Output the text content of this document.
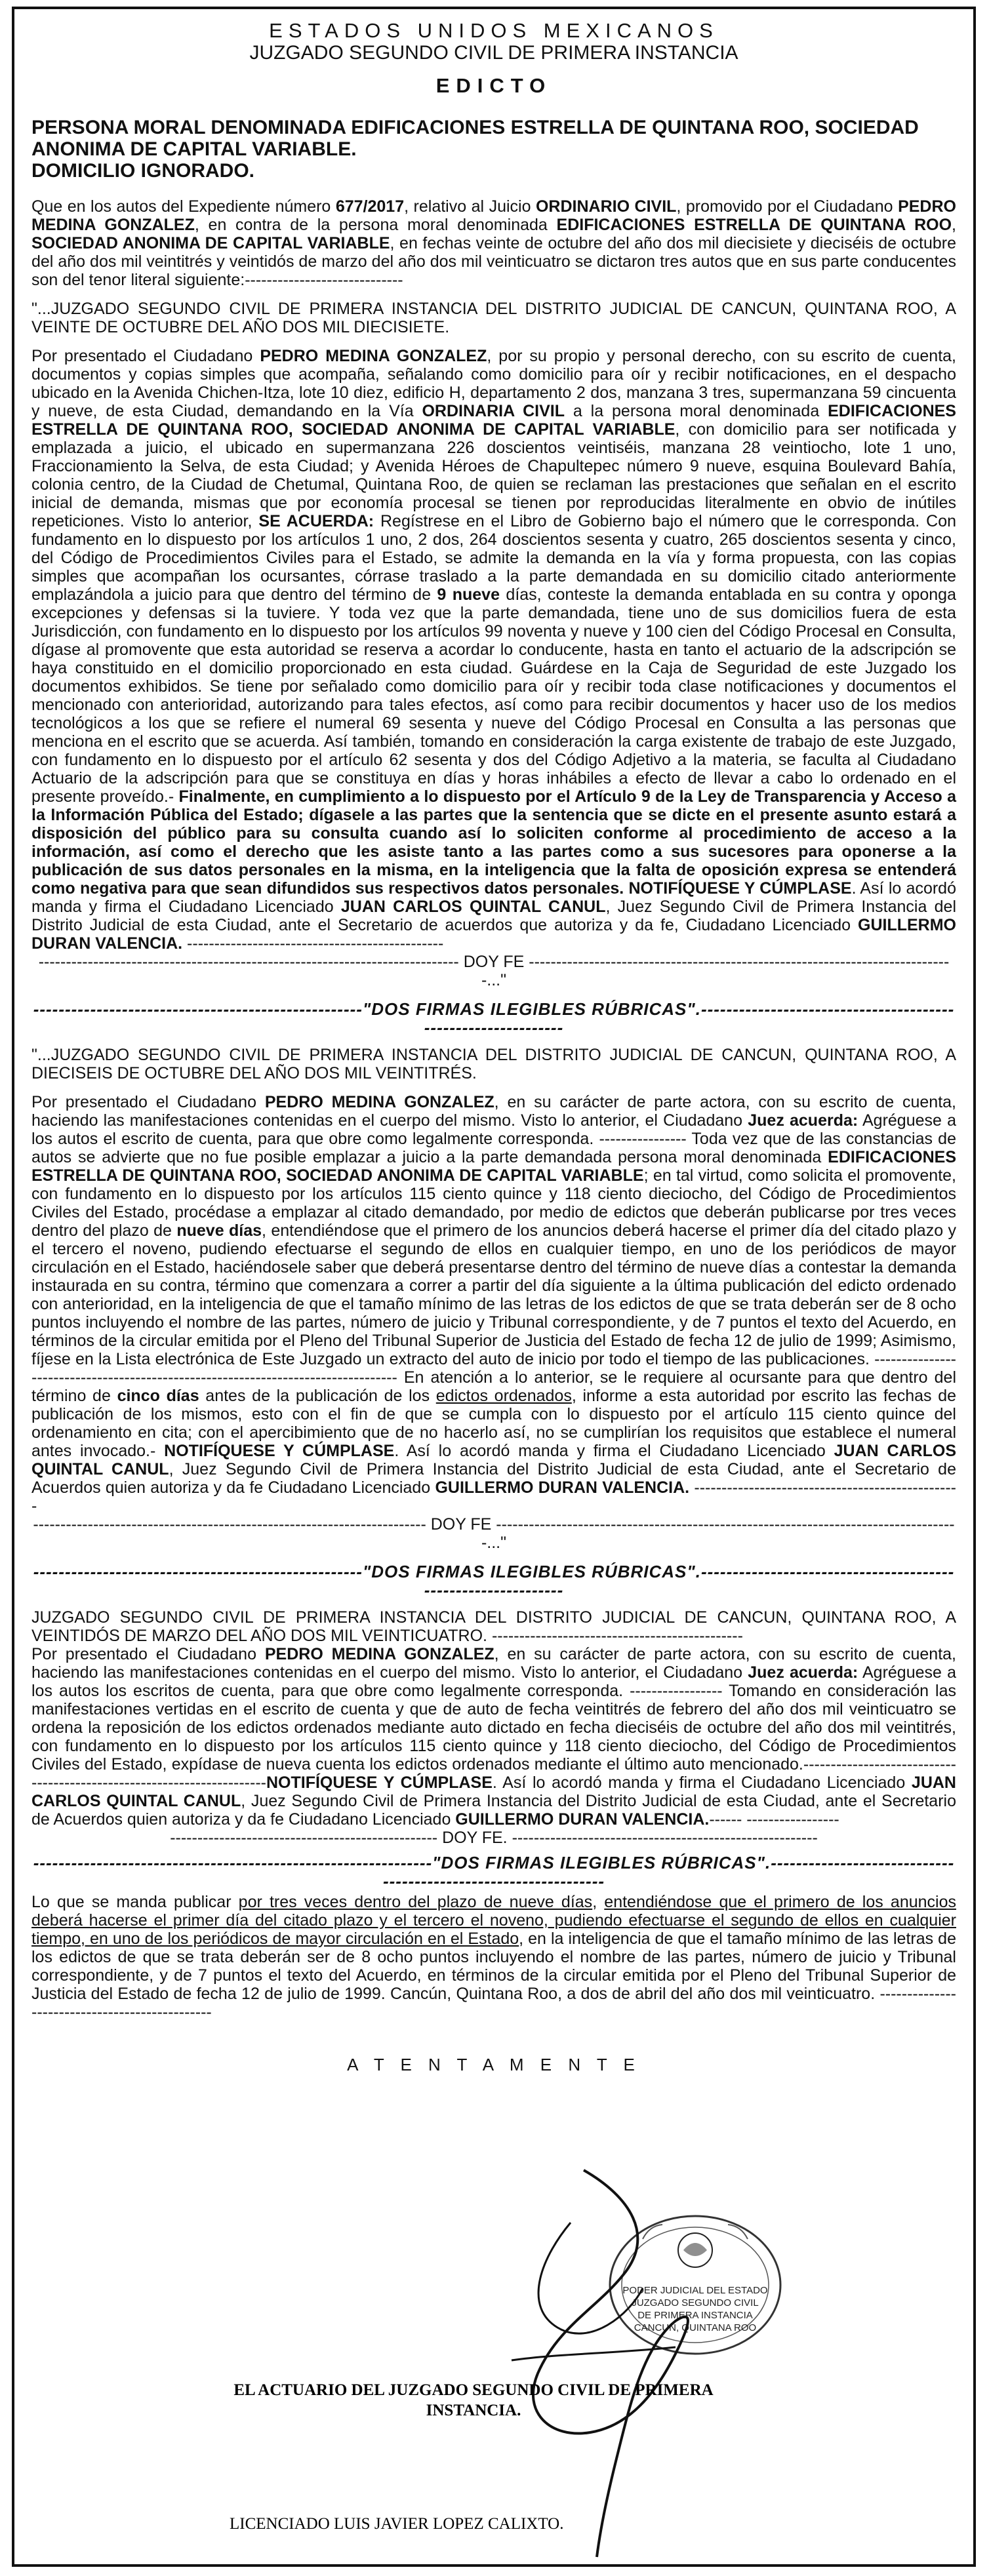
ESTADOS UNIDOS MEXICANOS
JUZGADO SEGUNDO CIVIL DE PRIMERA INSTANCIA
EDICTO
PERSONA MORAL DENOMINADA EDIFICACIONES ESTRELLA DE QUINTANA ROO, SOCIEDAD ANONIMA DE CAPITAL VARIABLE.
DOMICILIO IGNORADO.

Que en los autos del Expediente número 677/2017, relativo al Juicio ORDINARIO CIVIL, promovido por el Ciudadano PEDRO MEDINA GONZALEZ, en contra de la persona moral denominada EDIFICACIONES ESTRELLA DE QUINTANA ROO, SOCIEDAD ANONIMA DE CAPITAL VARIABLE, en fechas veinte de octubre del año dos mil diecisiete y dieciséis de octubre del año dos mil veintitrés y veintidós de marzo del año dos mil veinticuatro se dictaron tres autos que en sus parte conducentes son del tenor literal siguiente:-----------------------------

"...JUZGADO SEGUNDO CIVIL DE PRIMERA INSTANCIA DEL DISTRITO JUDICIAL DE CANCUN, QUINTANA ROO, A VEINTE DE OCTUBRE DEL AÑO DOS MIL DIECISIETE.

Por presentado el Ciudadano PEDRO MEDINA GONZALEZ, por su propio y personal derecho, con su escrito de cuenta, documentos y copias simples que acompaña, señalando como domicilio para oír y recibir notificaciones, en el despacho ubicado en la Avenida Chichen-Itza, lote 10 diez, edificio H, departamento 2 dos, manzana 3 tres, supermanzana 59 cincuenta y nueve, de esta Ciudad, demandando en la Vía ORDINARIA CIVIL a la persona moral denominada EDIFICACIONES ESTRELLA DE QUINTANA ROO, SOCIEDAD ANONIMA DE CAPITAL VARIABLE, con domicilio para ser notificada y emplazada a juicio, el ubicado en supermanzana 226 doscientos veintiséis, manzana 28 veintiocho, lote 1 uno, Fraccionamiento la Selva, de esta Ciudad; y Avenida Héroes de Chapultepec número 9 nueve, esquina Boulevard Bahía, colonia centro, de la Ciudad de Chetumal, Quintana Roo, de quien se reclaman las prestaciones que señalan en el escrito inicial de demanda, mismas que por economía procesal se tienen por reproducidas literalmente en obvio de inútiles repeticiones. Visto lo anterior, SE ACUERDA: Regístrese en el Libro de Gobierno bajo el número que le corresponda. Con fundamento en lo dispuesto por los artículos 1 uno, 2 dos, 264 doscientos sesenta y cuatro, 265 doscientos sesenta y cinco, del Código de Procedimientos Civiles para el Estado, se admite la demanda en la vía y forma propuesta, con las copias simples que acompañan los ocursantes, córrase traslado a la parte demandada en su domicilio citado anteriormente emplazándola a juicio para que dentro del término de 9 nueve días, conteste la demanda entablada en su contra y oponga excepciones y defensas si la tuviere. Y toda vez que la parte demandada, tiene uno de sus domicilios fuera de esta Jurisdicción, con fundamento en lo dispuesto por los artículos 99 noventa y nueve y 100 cien del Código Procesal en Consulta, dígase al promovente que esta autoridad se reserva a acordar lo conducente, hasta en tanto el actuario de la adscripción se haya constituido en el domicilio proporcionado en esta ciudad. Guárdese en la Caja de Seguridad de este Juzgado los documentos exhibidos. Se tiene por señalado como domicilio para oír y recibir toda clase notificaciones y documentos el mencionado con anterioridad, autorizando para tales efectos, así como para recibir documentos y hacer uso de los medios tecnológicos a los que se refiere el numeral 69 sesenta y nueve del Código Procesal en Consulta a las personas que menciona en el escrito que se acuerda. Así también, tomando en consideración la carga existente de trabajo de este Juzgado, con fundamento en lo dispuesto por el artículo 62 sesenta y dos del Código Adjetivo a la materia, se faculta al Ciudadano Actuario de la adscripción para que se constituya en días y horas inhábiles a efecto de llevar a cabo lo ordenado en el presente proveído.- Finalmente, en cumplimiento a lo dispuesto por el Artículo 9 de la Ley de Transparencia y Acceso a la Información Pública del Estado; dígasele a las partes que la sentencia que se dicte en el presente asunto estará a disposición del público para su consulta cuando así lo soliciten conforme al procedimiento de acceso a la información, así como el derecho que les asiste tanto a las partes como a sus sucesores para oponerse a la publicación de sus datos personales en la misma, en la inteligencia que la falta de oposición expresa se entenderá como negativa para que sean difundidos sus respectivos datos personales. NOTIFÍQUESE Y CÚMPLASE. Así lo acordó manda y firma el Ciudadano Licenciado JUAN CARLOS QUINTAL CANUL, Juez Segundo Civil de Primera Instancia del Distrito Judicial de esta Ciudad, ante el Secretario de acuerdos que autoriza y da fe, Ciudadano Licenciado GUILLERMO DURAN VALENCIA. -----------------------------------------------

----------------------------------------------------------------------------- DOY FE ------------------------------------------------------------------------------..."
----------------------------------------------------"DOS FIRMAS ILEGIBLES RÚBRICAS".--------------------------------------------------------------

"...JUZGADO SEGUNDO CIVIL DE PRIMERA INSTANCIA DEL DISTRITO JUDICIAL DE CANCUN, QUINTANA ROO, A DIECISEIS DE OCTUBRE DEL AÑO DOS MIL VEINTITRÉS.

Por presentado el Ciudadano PEDRO MEDINA GONZALEZ, en su carácter de parte actora, con su escrito de cuenta, haciendo las manifestaciones contenidas en el cuerpo del mismo. Visto lo anterior, el Ciudadano Juez acuerda: Agréguese a los autos el escrito de cuenta, para que obre como legalmente corresponda. ---------------- Toda vez que de las constancias de autos se advierte que no fue posible emplazar a juicio a la parte demandada persona moral denominada EDIFICACIONES ESTRELLA DE QUINTANA ROO, SOCIEDAD ANONIMA DE CAPITAL VARIABLE; en tal virtud, como solicita el promovente, con fundamento en lo dispuesto por los artículos 115 ciento quince y 118 ciento dieciocho, del Código de Procedimientos Civiles del Estado, procédase a emplazar al citado demandado, por medio de edictos que deberán publicarse por tres veces dentro del plazo de nueve días, entendiéndose que el primero de los anuncios deberá hacerse el primer día del citado plazo y el tercero el noveno, pudiendo efectuarse el segundo de ellos en cualquier tiempo, en uno de los periódicos de mayor circulación en el Estado, haciéndosele saber que deberá presentarse dentro del término de nueve días a contestar la demanda instaurada en su contra, término que comenzara a correr a partir del día siguiente a la última publicación del edicto ordenado con anterioridad, en la inteligencia de que el tamaño mínimo de las letras de los edictos de que se trata deberán ser de 8 ocho puntos incluyendo el nombre de las partes, número de juicio y Tribunal correspondiente, y de 7 puntos el texto del Acuerdo, en términos de la circular emitida por el Pleno del Tribunal Superior de Justicia del Estado de fecha 12 de julio de 1999; Asimismo, fíjese en la Lista electrónica de Este Juzgado un extracto del auto de inicio por todo el tiempo de las publicaciones. ---------------------------------------------------------------------------------- En atención a lo anterior, se le requiere al ocursante para que dentro del término de cinco días antes de la publicación de los edictos ordenados, informe a esta autoridad por escrito las fechas de publicación de los mismos, esto con el fin de que se cumpla con lo dispuesto por el artículo 115 ciento quince del ordenamiento en cita; con el apercibimiento que de no hacerlo así, no se cumplirían los requisitos que establece el numeral antes invocado.- NOTIFÍQUESE Y CÚMPLASE. Así lo acordó manda y firma el Ciudadano Licenciado JUAN CARLOS QUINTAL CANUL, Juez Segundo Civil de Primera Instancia del Distrito Judicial de esta Ciudad, ante el Secretario de Acuerdos quien autoriza y da fe Ciudadano Licenciado GUILLERMO DURAN VALENCIA. -------------------------------------------------

------------------------------------------------------------------------ DOY FE -------------------------------------------------------------------------------------..."
----------------------------------------------------"DOS FIRMAS ILEGIBLES RÚBRICAS".--------------------------------------------------------------

JUZGADO SEGUNDO CIVIL DE PRIMERA INSTANCIA DEL DISTRITO JUDICIAL DE CANCUN, QUINTANA ROO, A VEINTIDÓS DE MARZO DEL AÑO DOS MIL VEINTICUATRO. ----------------------------------------------

Por presentado el Ciudadano PEDRO MEDINA GONZALEZ, en su carácter de parte actora, con su escrito de cuenta, haciendo las manifestaciones contenidas en el cuerpo del mismo. Visto lo anterior, el Ciudadano Juez acuerda: Agréguese a los autos los escritos de cuenta, para que obre como legalmente corresponda. ----------------- Tomando en consideración las manifestaciones vertidas en el escrito de cuenta y que de auto de fecha veintitrés de febrero del año dos mil veinticuatro se ordena la reposición de los edictos ordenados mediante auto dictado en fecha dieciséis de octubre del año dos mil veintitrés, con fundamento en lo dispuesto por los artículos 115 ciento quince y 118 ciento dieciocho, del Código de Procedimientos Civiles del Estado, expídase de nueva cuenta los edictos ordenados mediante el último auto mencionado.-----------------------------------------------------------------------NOTIFÍQUESE Y CÚMPLASE. Así lo acordó manda y firma el Ciudadano Licenciado JUAN CARLOS QUINTAL CANUL, Juez Segundo Civil de Primera Instancia del Distrito Judicial de esta Ciudad, ante el Secretario de Acuerdos quien autoriza y da fe Ciudadano Licenciado GUILLERMO DURAN VALENCIA.------ -----------------

------------------------------------------------- DOY FE. --------------------------------------------------------
---------------------------------------------------------------"DOS FIRMAS ILEGIBLES RÚBRICAS".----------------------------------------------------------------

Lo que se manda publicar por tres veces dentro del plazo de nueve días, entendiéndose que el primero de los anuncios deberá hacerse el primer día del citado plazo y el tercero el noveno, pudiendo efectuarse el segundo de ellos en cualquier tiempo, en uno de los periódicos de mayor circulación en el Estado, en la inteligencia de que el tamaño mínimo de las letras de los edictos de que se trata deberán ser de 8 ocho puntos incluyendo el nombre de las partes, número de juicio y Tribunal correspondiente, y de 7 puntos el texto del Acuerdo, en términos de la circular emitida por el Pleno del Tribunal Superior de Justicia del Estado de fecha 12 de julio de 1999. Cancún, Quintana Roo, a dos de abril del año dos mil veinticuatro. -----------------------------------------------

A T E N T A M E N T E
PODER JUDICIAL DEL ESTADO
JUZGADO SEGUNDO CIVIL
DE PRIMERA INSTANCIA
CANCUN, QUINTANA ROO
EL ACTUARIO DEL JUZGADO SEGUNDO CIVIL DE PRIMERA INSTANCIA.
LICENCIADO LUIS JAVIER LOPEZ CALIXTO.
